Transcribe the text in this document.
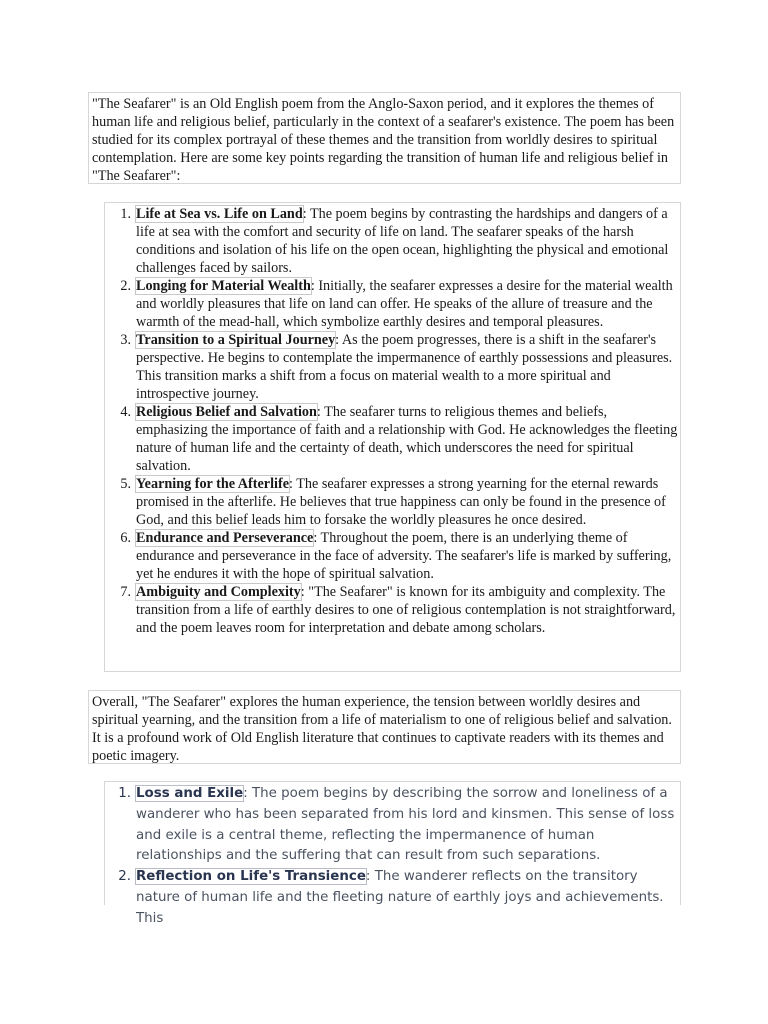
"The Seafarer" is an Old English poem from the Anglo-Saxon period, and it explores the themes of human life and religious belief, particularly in the context of a seafarer's existence. The poem has been studied for its complex portrayal of these themes and the transition from worldly desires to spiritual contemplation. Here are some key points regarding the transition of human life and religious belief in "The Seafarer":
1. Life at Sea vs. Life on Land: The poem begins by contrasting the hardships and dangers of a life at sea with the comfort and security of life on land. The seafarer speaks of the harsh conditions and isolation of his life on the open ocean, highlighting the physical and emotional challenges faced by sailors.
2. Longing for Material Wealth: Initially, the seafarer expresses a desire for the material wealth and worldly pleasures that life on land can offer. He speaks of the allure of treasure and the warmth of the mead-hall, which symbolize earthly desires and temporal pleasures.
3. Transition to a Spiritual Journey: As the poem progresses, there is a shift in the seafarer's perspective. He begins to contemplate the impermanence of earthly possessions and pleasures. This transition marks a shift from a focus on material wealth to a more spiritual and introspective journey.
4. Religious Belief and Salvation: The seafarer turns to religious themes and beliefs, emphasizing the importance of faith and a relationship with God. He acknowledges the fleeting nature of human life and the certainty of death, which underscores the need for spiritual salvation.
5. Yearning for the Afterlife: The seafarer expresses a strong yearning for the eternal rewards promised in the afterlife. He believes that true happiness can only be found in the presence of God, and this belief leads him to forsake the worldly pleasures he once desired.
6. Endurance and Perseverance: Throughout the poem, there is an underlying theme of endurance and perseverance in the face of adversity. The seafarer's life is marked by suffering, yet he endures it with the hope of spiritual salvation.
7. Ambiguity and Complexity: "The Seafarer" is known for its ambiguity and complexity. The transition from a life of earthly desires to one of religious contemplation is not straightforward, and the poem leaves room for interpretation and debate among scholars.
Overall, "The Seafarer" explores the human experience, the tension between worldly desires and spiritual yearning, and the transition from a life of materialism to one of religious belief and salvation. It is a profound work of Old English literature that continues to captivate readers with its themes and poetic imagery.
1. Loss and Exile: The poem begins by describing the sorrow and loneliness of a wanderer who has been separated from his lord and kinsmen. This sense of loss and exile is a central theme, reflecting the impermanence of human relationships and the suffering that can result from such separations.
2. Reflection on Life's Transience: The wanderer reflects on the transitory nature of human life and the fleeting nature of earthly joys and achievements. This
